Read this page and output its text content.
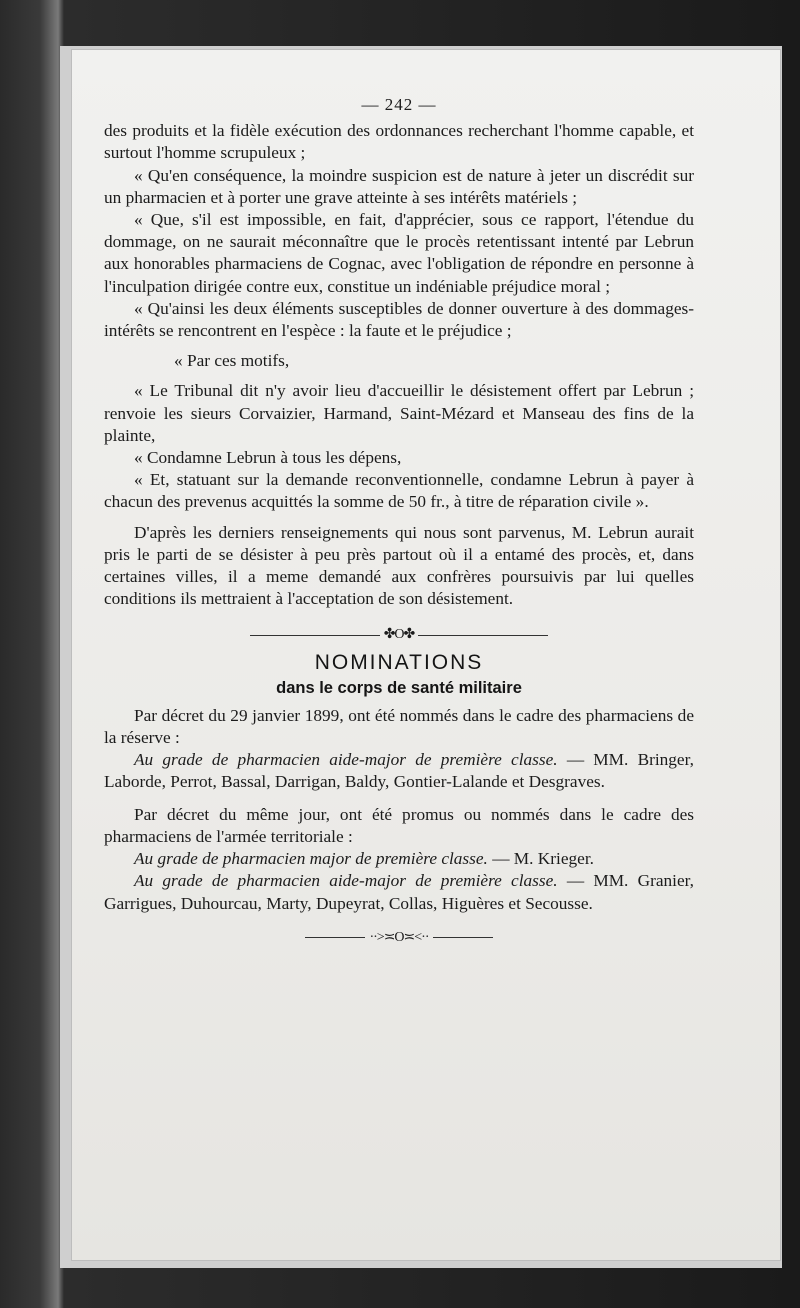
— 242 —

des produits et la fidèle exécution des ordonnances recherchant l'homme capable, et surtout l'homme scrupuleux ;

« Qu'en conséquence, la moindre suspicion est de nature à jeter un discrédit sur un pharmacien et à porter une grave atteinte à ses intérêts matériels ;

« Que, s'il est impossible, en fait, d'apprécier, sous ce rapport, l'étendue du dommage, on ne saurait méconnaître que le procès retentissant intenté par Lebrun aux honorables pharmaciens de Cognac, avec l'obligation de répondre en personne à l'inculpation dirigée contre eux, constitue un indéniable préjudice moral ;

« Qu'ainsi les deux éléments susceptibles de donner ouverture à des dommages-intérêts se rencontrent en l'espèce : la faute et le préjudice ;

« Par ces motifs,

« Le Tribunal dit n'y avoir lieu d'accueillir le désistement offert par Lebrun ; renvoie les sieurs Corvaizier, Harmand, Saint-Mézard et Manseau des fins de la plainte,

« Condamne Lebrun à tous les dépens,

« Et, statuant sur la demande reconventionnelle, condamne Lebrun à payer à chacun des prevenus acquittés la somme de 50 fr., à titre de réparation civile ».

D'après les derniers renseignements qui nous sont parvenus, M. Lebrun aurait pris le parti de se désister à peu près partout où il a entamé des procès, et, dans certaines villes, il a meme demandé aux confrères poursuivis par lui quelles conditions ils mettraient à l'acceptation de son désistement.

✤O✤
NOMINATIONS
dans le corps de santé militaire

Par décret du 29 janvier 1899, ont été nommés dans le cadre des pharmaciens de la réserve :

Au grade de pharmacien aide-major de première classe. — MM. Bringer, Laborde, Perrot, Bassal, Darrigan, Baldy, Gontier-Lalande et Desgraves.

Par décret du même jour, ont été promus ou nommés dans le cadre des pharmaciens de l'armée territoriale :

Au grade de pharmacien major de première classe. — M. Krieger.

Au grade de pharmacien aide-major de première classe. — MM. Granier, Garrigues, Duhourcau, Marty, Dupeyrat, Collas, Higuères et Secousse.

··>≍O≍<··
